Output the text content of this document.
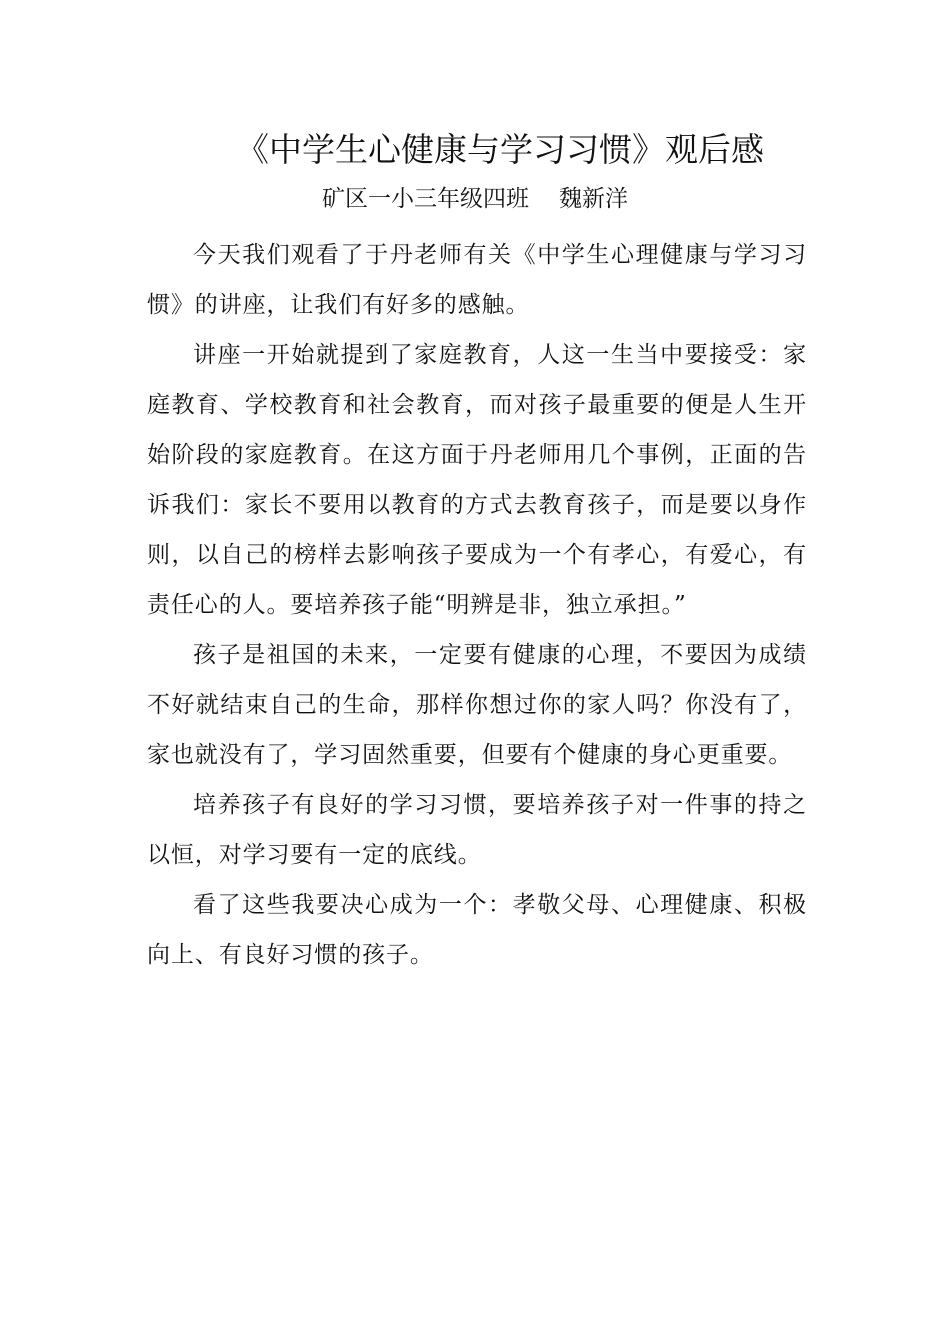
《中学生心健康与学习习惯》观后感
矿区一小三年级四班 魏新洋

今天我们观看了于丹老师有关《中学生心理健康与学习习惯》的讲座，让我们有好多的感触。

讲座一开始就提到了家庭教育，人这一生当中要接受：家庭教育、学校教育和社会教育，而对孩子最重要的便是人生开始阶段的家庭教育。在这方面于丹老师用几个事例，正面的告诉我们：家长不要用以教育的方式去教育孩子，而是要以身作则，以自己的榜样去影响孩子要成为一个有孝心，有爱心，有责任心的人。要培养孩子能“明辨是非，独立承担。”

孩子是祖国的未来，一定要有健康的心理，不要因为成绩不好就结束自己的生命，那样你想过你的家人吗？你没有了，家也就没有了，学习固然重要，但要有个健康的身心更重要。

培养孩子有良好的学习习惯，要培养孩子对一件事的持之以恒，对学习要有一定的底线。

看了这些我要决心成为一个：孝敬父母、心理健康、积极向上、有良好习惯的孩子。
